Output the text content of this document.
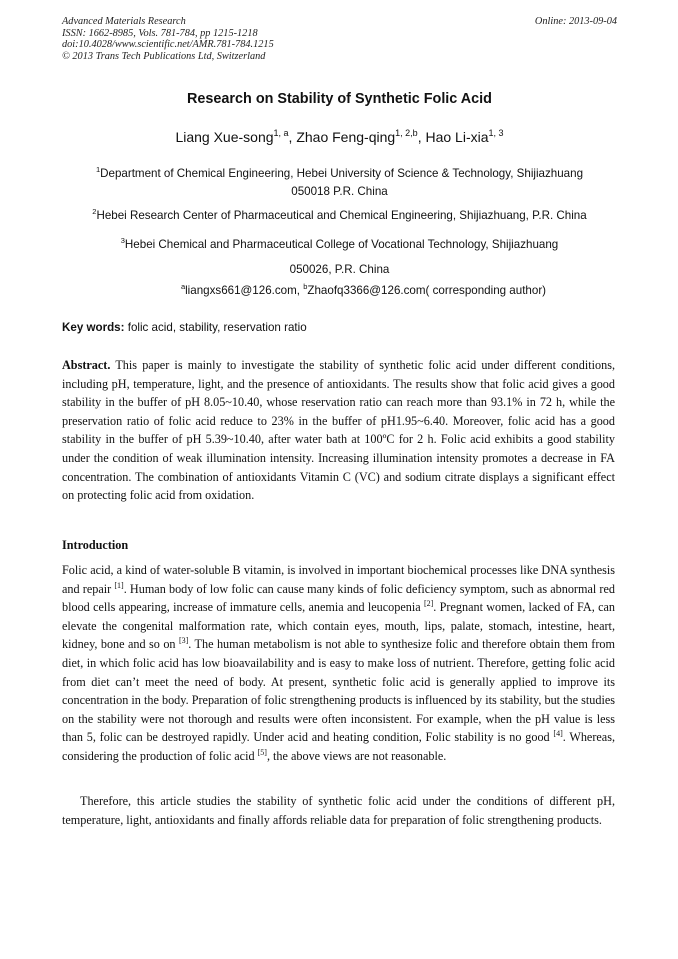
Advanced Materials Research
ISSN: 1662-8985, Vols. 781-784, pp 1215-1218
doi:10.4028/www.scientific.net/AMR.781-784.1215
© 2013 Trans Tech Publications Ltd, Switzerland
Online: 2013-09-04
Research on Stability of Synthetic Folic Acid
Liang Xue-song$^{1, a}$, Zhao Feng-qing$^{1, 2,b}$, Hao Li-xia$^{1, 3}$
$^1$Department of Chemical Engineering, Hebei University of Science & Technology, Shijiazhuang
050018 P.R. China
$^2$Hebei Research Center of Pharmaceutical and Chemical Engineering, Shijiazhuang, P.R. China
$^3$Hebei Chemical and Pharmaceutical College of Vocational Technology, Shijiazhuang
050026, P.R. China
$^a$liangxs661@126.com, $^b$Zhaofq3366@126.com( corresponding author)
Key words: folic acid, stability, reservation ratio
Abstract. This paper is mainly to investigate the stability of synthetic folic acid under different conditions, including pH, temperature, light, and the presence of antioxidants. The results show that folic acid gives a good stability in the buffer of pH 8.05~10.40, whose reservation ratio can reach more than 93.1% in 72 h, while the preservation ratio of folic acid reduce to 23% in the buffer of pH1.95~6.40. Moreover, folic acid has a good stability in the buffer of pH 5.39~10.40, after water bath at 100ºC for 2 h. Folic acid exhibits a good stability under the condition of weak illumination intensity. Increasing illumination intensity promotes a decrease in FA concentration. The combination of antioxidants Vitamin C (VC) and sodium citrate displays a significant effect on protecting folic acid from oxidation.
Introduction
Folic acid, a kind of water-soluble B vitamin, is involved in important biochemical processes like DNA synthesis and repair [1]. Human body of low folic can cause many kinds of folic deficiency symptom, such as abnormal red blood cells appearing, increase of immature cells, anemia and leucopenia [2]. Pregnant women, lacked of FA, can elevate the congenital malformation rate, which contain eyes, mouth, lips, palate, stomach, intestine, heart, kidney, bone and so on [3]. The human metabolism is not able to synthesize folic and therefore obtain them from diet, in which folic acid has low bioavailability and is easy to make loss of nutrient. Therefore, getting folic acid from diet can’t meet the need of body. At present, synthetic folic acid is generally applied to improve its concentration in the body. Preparation of folic strengthening products is influenced by its stability, but the studies on the stability were not thorough and results were often inconsistent. For example, when the pH value is less than 5, folic can be destroyed rapidly. Under acid and heating condition, Folic stability is no good [4]. Whereas, considering the production of folic acid [5], the above views are not reasonable.
Therefore, this article studies the stability of synthetic folic acid under the conditions of different pH, temperature, light, antioxidants and finally affords reliable data for preparation of folic strengthening products.
